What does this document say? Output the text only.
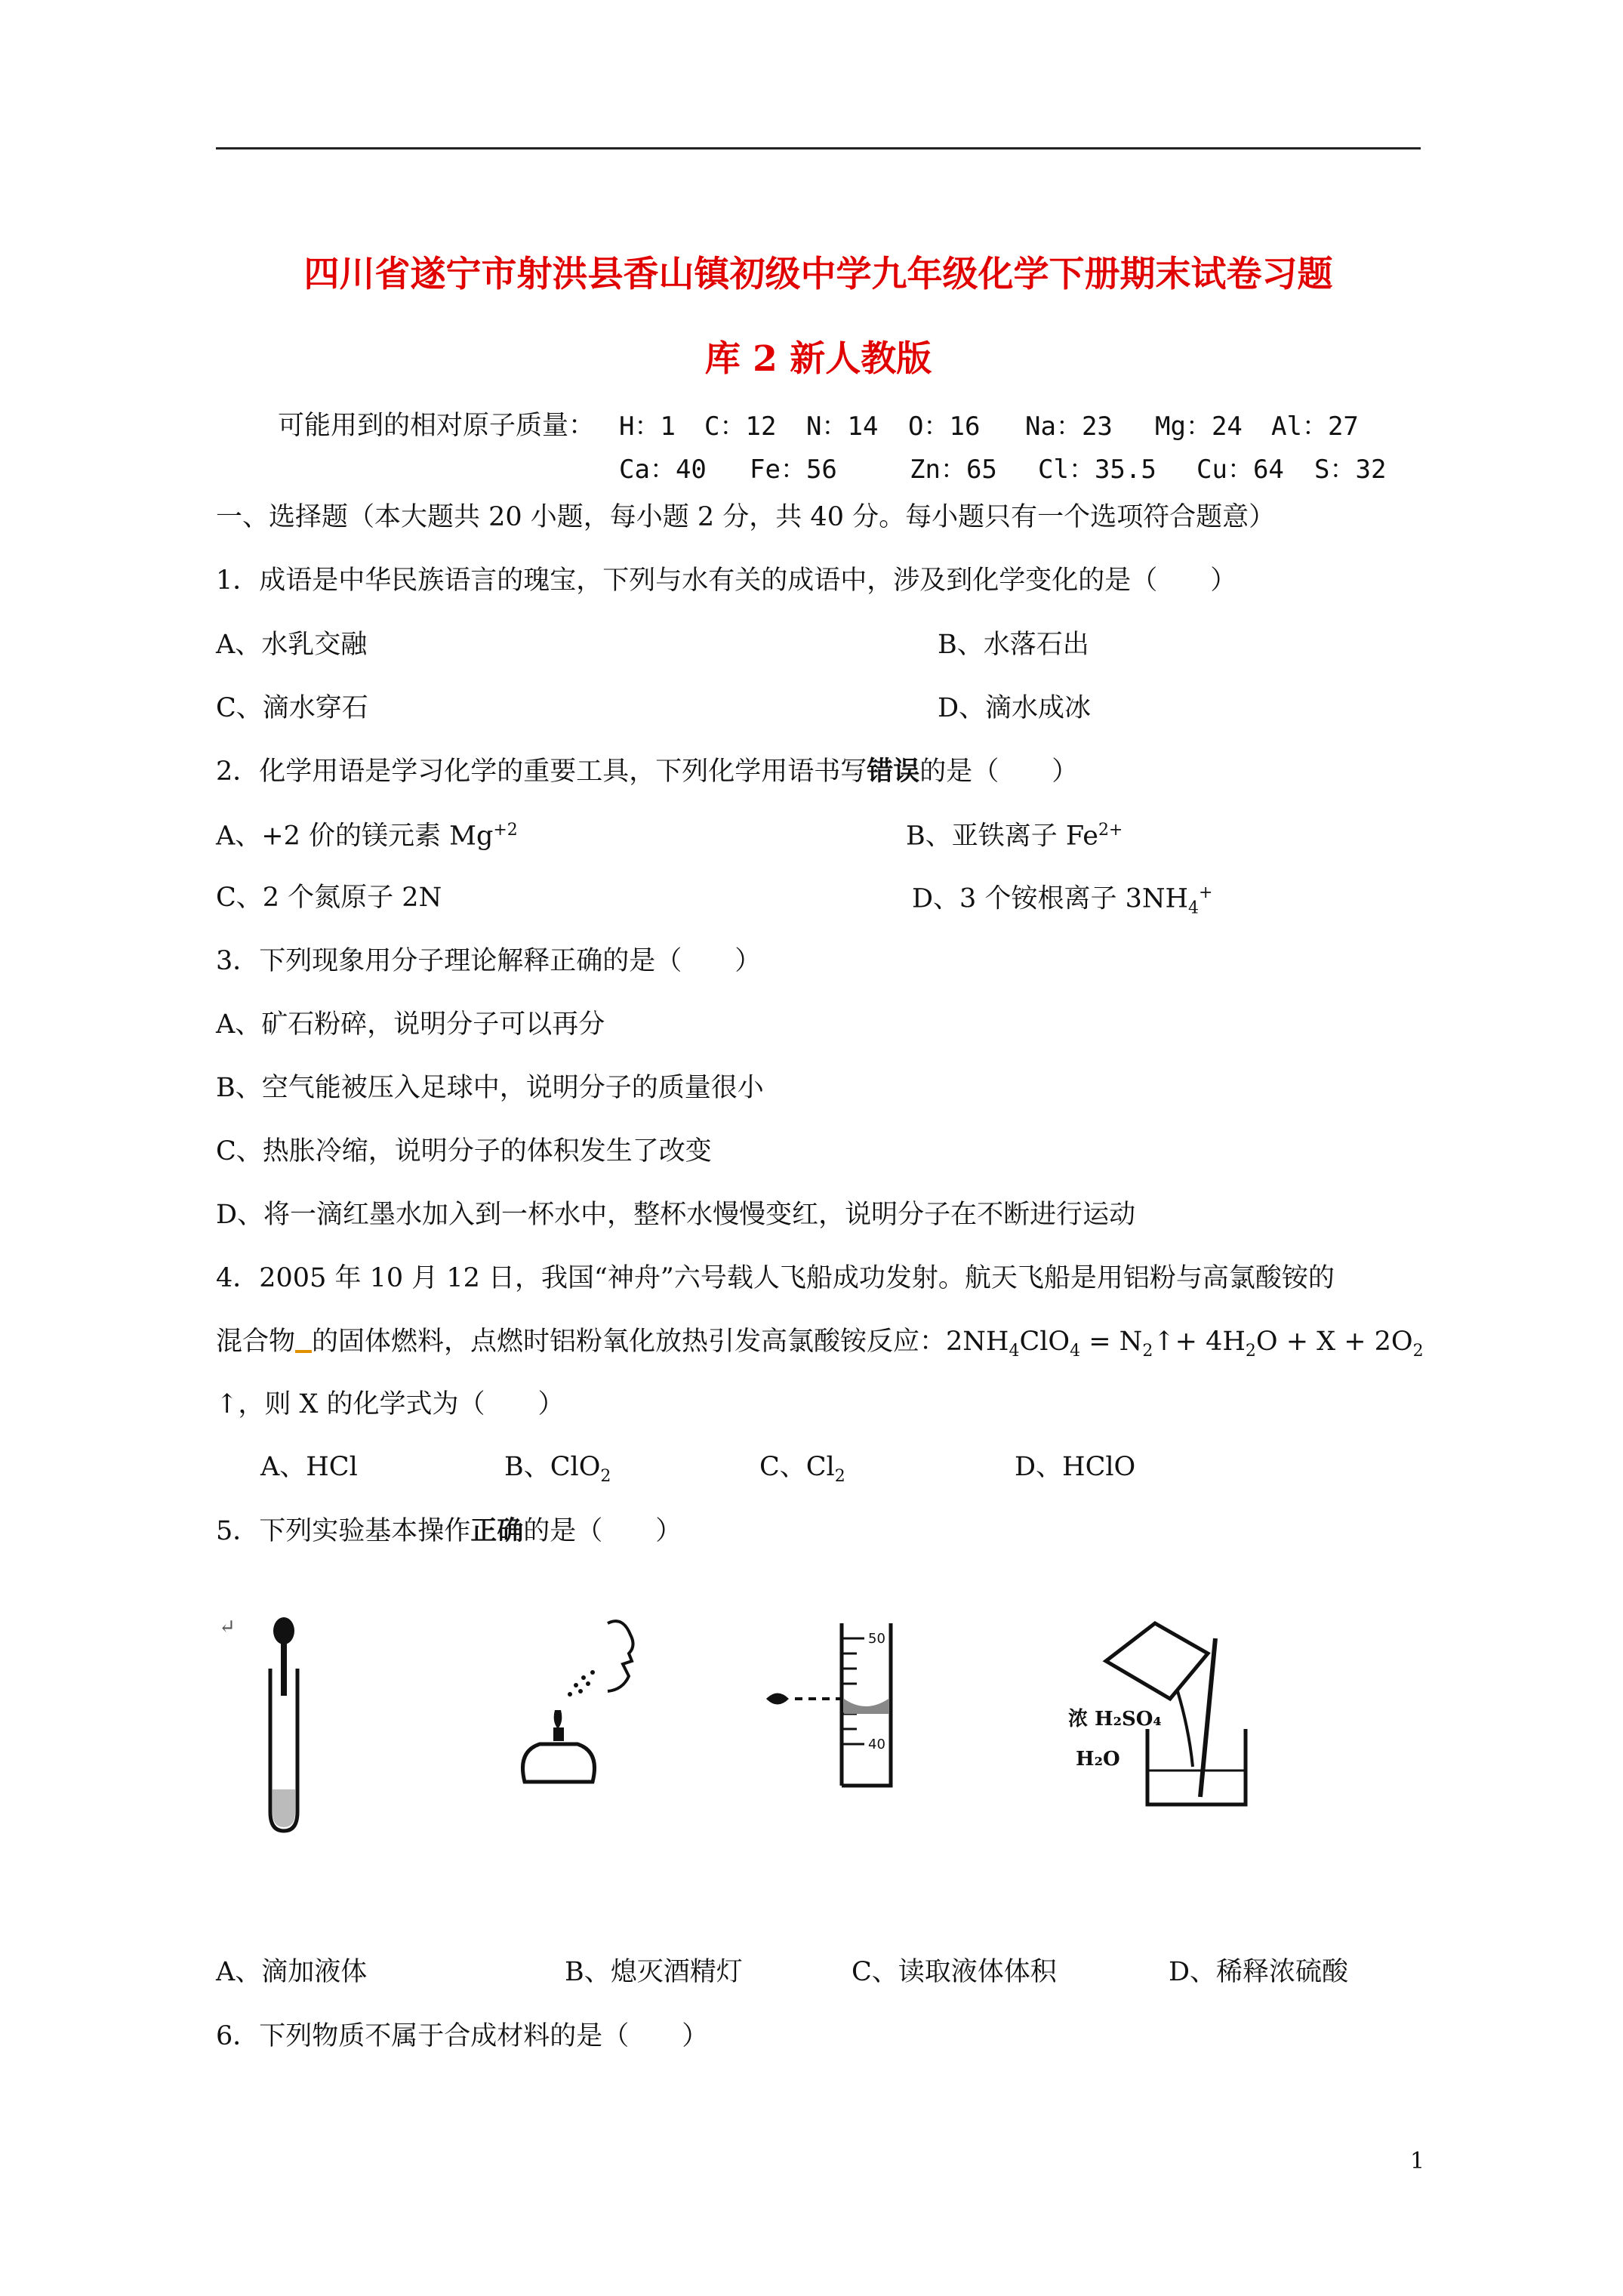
四川省遂宁市射洪县香山镇初级中学九年级化学下册期末试卷习题
库 2 新人教版
可能用到的相对原子质量： H：1 C：12 N：14 O：16 Na：23 Mg：24 Al：27
Ca：40 Fe：56	Zn：65 Cl：35.5 Cu：64 S：32
一、选择题（本大题共 20 小题，每小题 2 分，共 40 分。每小题只有一个选项符合题意）
1．成语是中华民族语言的瑰宝，下列与水有关的成语中，涉及到化学变化的是（　　）
A、水乳交融	B、水落石出
C、滴水穿石	D、滴水成冰
2．化学用语是学习化学的重要工具，下列化学用语书写错误的是（　　）
A、+2 价的镁元素 $Mg^{+2}$	B、亚铁离子 $Fe^{2+}$
C、2 个氮原子 2N	D、3 个铵根离子 $3NH_4^+$
3．下列现象用分子理论解释正确的是（　　）
A、矿石粉碎，说明分子可以再分
B、空气能被压入足球中，说明分子的质量很小
C、热胀冷缩，说明分子的体积发生了改变
D、将一滴红墨水加入到一杯水中，整杯水慢慢变红，说明分子在不断进行运动
4．2005 年 10 月 12 日，我国“神舟”六号载人飞船成功发射。航天飞船是用铝粉与高氯酸铵的
混合物 的固体燃料，点燃时铝粉氧化放热引发高氯酸铵反应：$2NH_4ClO_4$ = $N_2↑+ 4H_2O + X + 2O_2$
↑，则 X 的化学式为（　　）
A、HCl	B、ClO$_2$	C、$Cl_2$	D、HClO
5．下列实验基本操作正确的是（　　）
↵
50
40
浓 H₂SO₄
H₂O
A、滴加液体	B、熄灭酒精灯	C、读取液体体积	D、稀释浓硫酸
6．下列物质不属于合成材料的是（　　）
1
